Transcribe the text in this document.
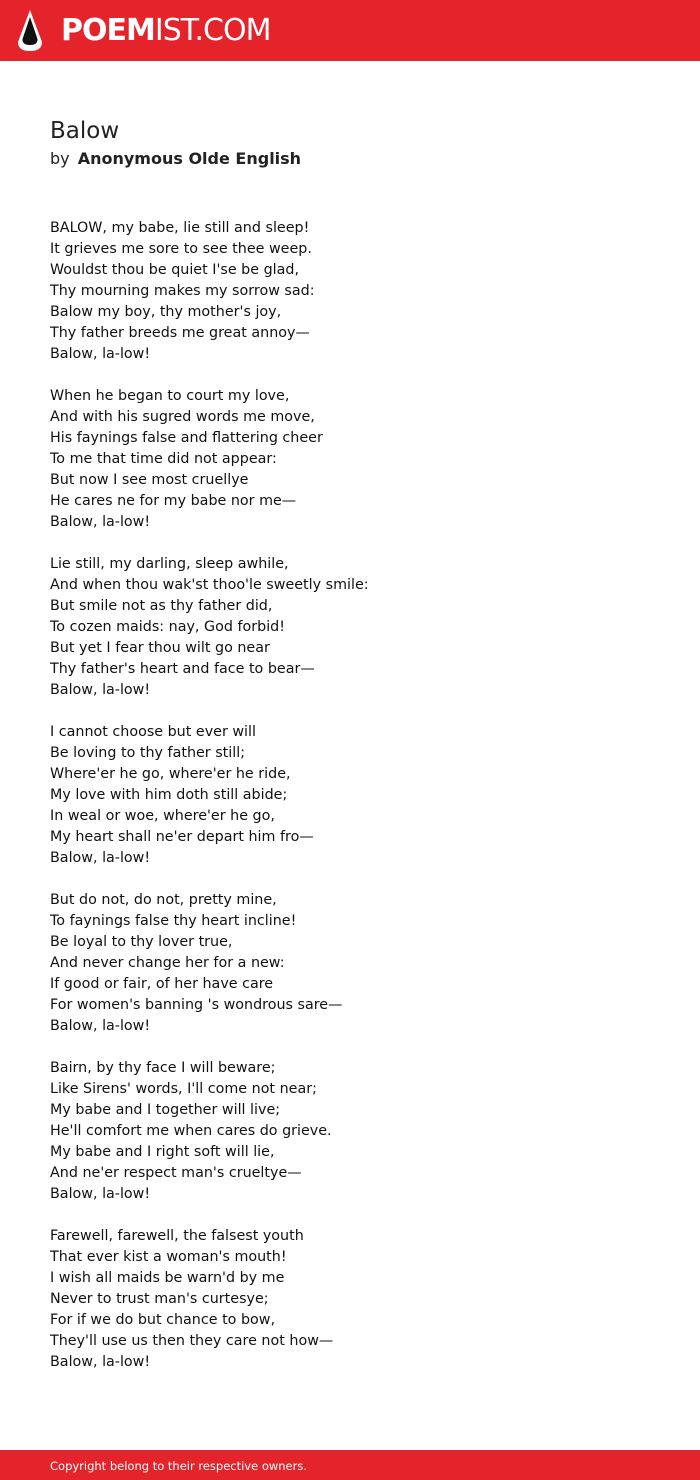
POEMIST.COM
Balow
by Anonymous Olde English
BALOW, my babe, lie still and sleep!
It grieves me sore to see thee weep.
Wouldst thou be quiet I'se be glad,
Thy mourning makes my sorrow sad:
Balow my boy, thy mother's joy,
Thy father breeds me great annoy—
Balow, la-low!
When he began to court my love,
And with his sugred words me move,
His faynings false and flattering cheer
To me that time did not appear:
But now I see most cruellye
He cares ne for my babe nor me—
Balow, la-low!
Lie still, my darling, sleep awhile,
And when thou wak'st thoo'le sweetly smile:
But smile not as thy father did,
To cozen maids: nay, God forbid!
But yet I fear thou wilt go near
Thy father's heart and face to bear—
Balow, la-low!
I cannot choose but ever will
Be loving to thy father still;
Where'er he go, where'er he ride,
My love with him doth still abide;
In weal or woe, where'er he go,
My heart shall ne'er depart him fro—
Balow, la-low!
But do not, do not, pretty mine,
To faynings false thy heart incline!
Be loyal to thy lover true,
And never change her for a new:
If good or fair, of her have care
For women's banning 's wondrous sare—
Balow, la-low!
Bairn, by thy face I will beware;
Like Sirens' words, I'll come not near;
My babe and I together will live;
He'll comfort me when cares do grieve.
My babe and I right soft will lie,
And ne'er respect man's crueltye—
Balow, la-low!
Farewell, farewell, the falsest youth
That ever kist a woman's mouth!
I wish all maids be warn'd by me
Never to trust man's curtesye;
For if we do but chance to bow,
They'll use us then they care not how—
Balow, la-low!
Copyright belong to their respective owners.
